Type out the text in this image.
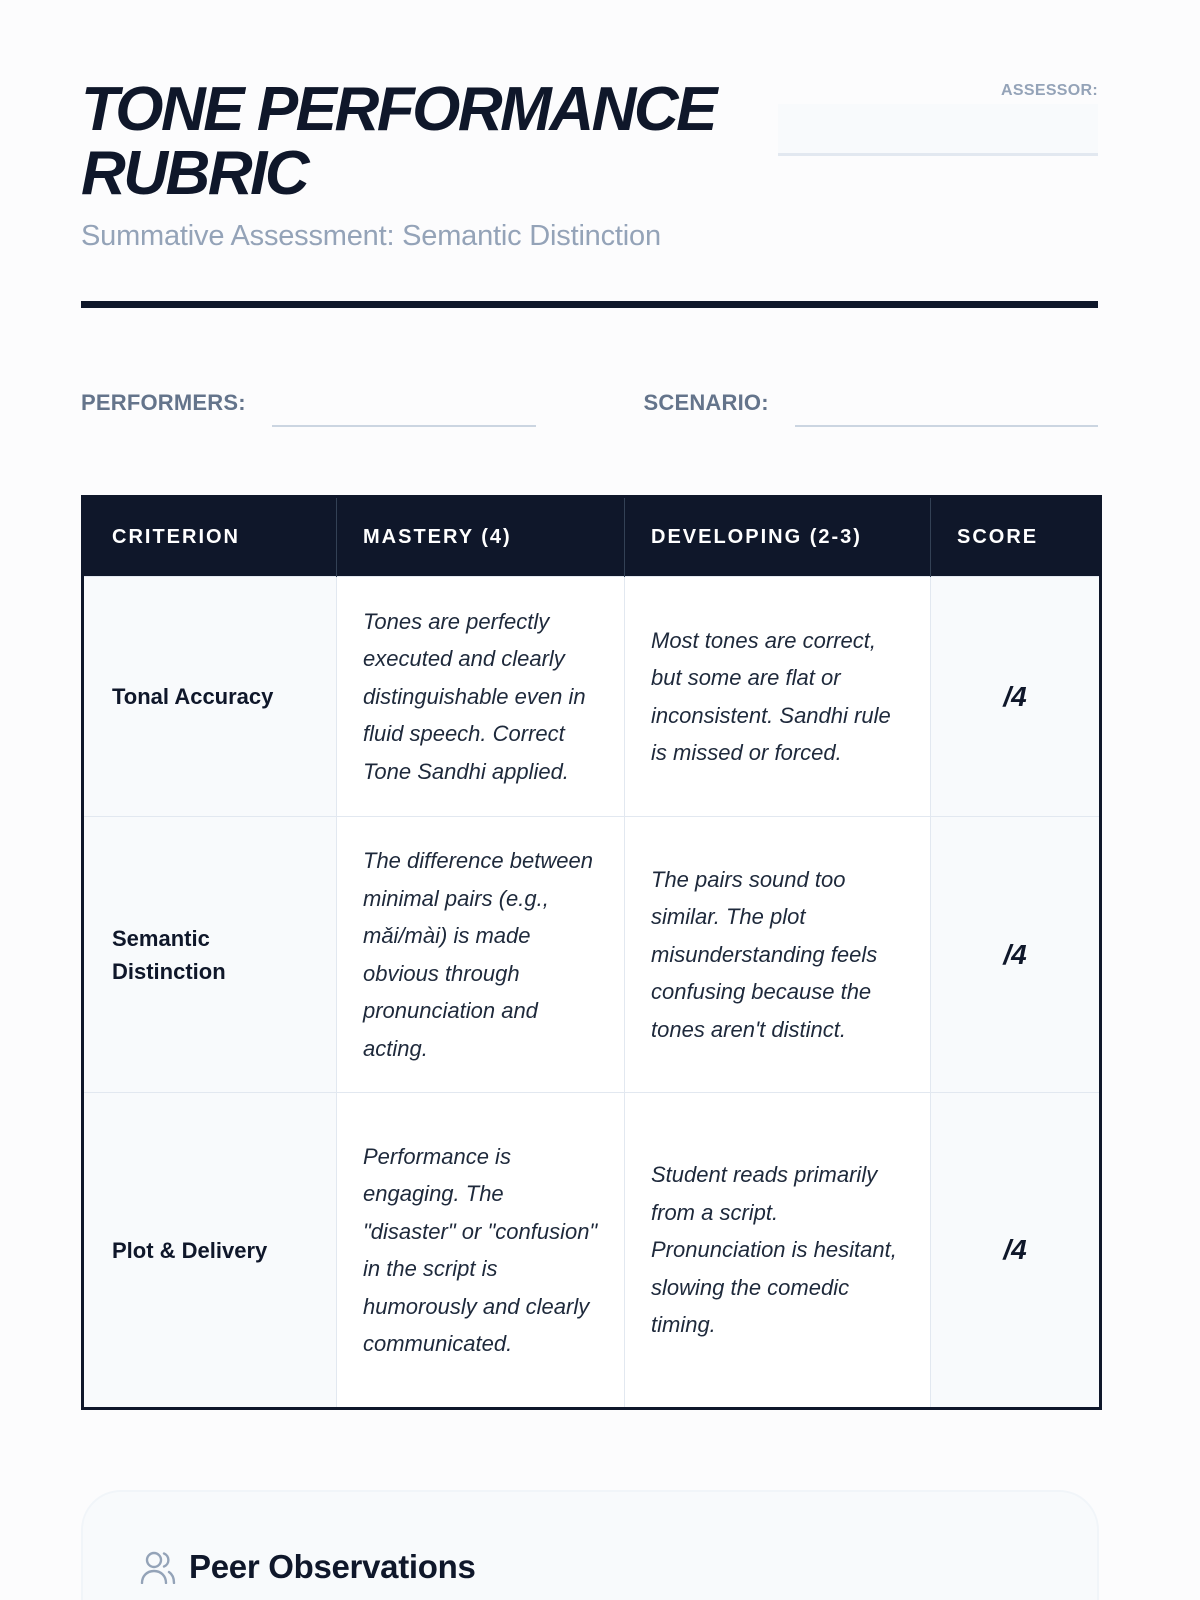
TONE PERFORMANCE RUBRIC
Summative Assessment: Semantic Distinction
ASSESSOR:
PERFORMERS:	SCENARIO:
CRITERION	MASTERY (4)	DEVELOPING (2-3)	SCORE
Tonal Accuracy	Tones are perfectly executed and clearly distinguishable even in fluid speech. Correct Tone Sandhi applied.	Most tones are correct, but some are flat or inconsistent. Sandhi rule is missed or forced.	/4
Semantic Distinction	The difference between minimal pairs (e.g., mǎi/mài) is made obvious through pronunciation and acting.	The pairs sound too similar. The plot misunderstanding feels confusing because the tones aren't distinct.	/4
Plot & Delivery	Performance is engaging. The "disaster" or "confusion" in the script is humorously and clearly communicated.	Student reads primarily from a script. Pronunciation is hesitant, slowing the comedic timing.	/4
Peer Observations
